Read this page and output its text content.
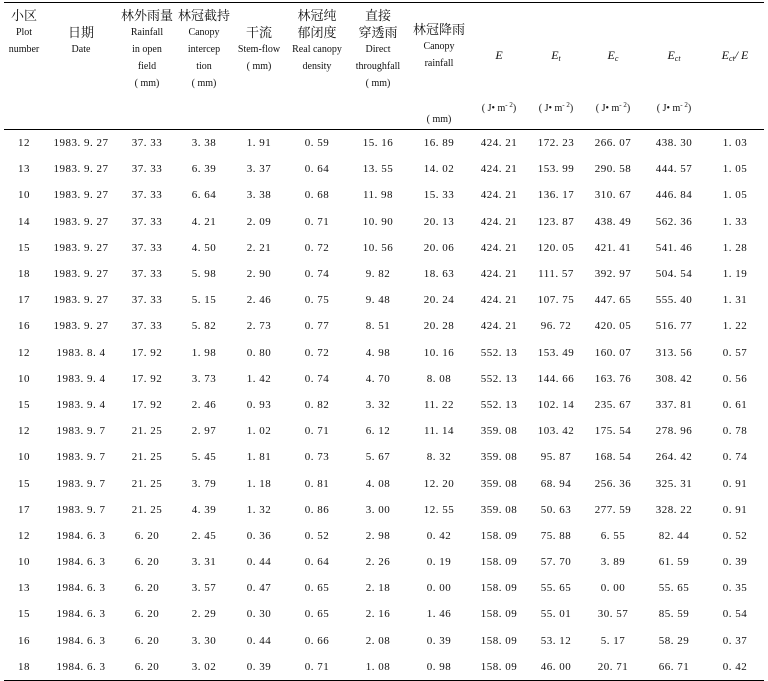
小区
Plot
number	日期
Date	林外雨量
Rainfall
in open
field
( mm)	林冠截持
Canopy
intercep
tion
( mm)	干流
Stem-flow
( mm)	林冠纯
郁闭度
Real canopy
density	直接
穿透雨
Direct
throughfall
( mm)	林冠降雨
Canopy
rainfall
( mm)	E
( J• $m^{- 2}$)	$E_t$
( J• $m^{- 2}$)	$E_c$
( J• $m^{- 2}$)	$E_{ct}$
( J• $m^{- 2}$)	$E_{ct}/$ E

12	1983. 9. 27	37. 33	3. 38	1. 91	0. 59	15. 16	16. 89	424. 21	172. 23	266. 07	438. 30	1. 03
13	1983. 9. 27	37. 33	6. 39	3. 37	0. 64	13. 55	14. 02	424. 21	153. 99	290. 58	444. 57	1. 05
10	1983. 9. 27	37. 33	6. 64	3. 38	0. 68	11. 98	15. 33	424. 21	136. 17	310. 67	446. 84	1. 05
14	1983. 9. 27	37. 33	4. 21	2. 09	0. 71	10. 90	20. 13	424. 21	123. 87	438. 49	562. 36	1. 33
15	1983. 9. 27	37. 33	4. 50	2. 21	0. 72	10. 56	20. 06	424. 21	120. 05	421. 41	541. 46	1. 28
18	1983. 9. 27	37. 33	5. 98	2. 90	0. 74	9. 82	18. 63	424. 21	111. 57	392. 97	504. 54	1. 19
17	1983. 9. 27	37. 33	5. 15	2. 46	0. 75	9. 48	20. 24	424. 21	107. 75	447. 65	555. 40	1. 31
16	1983. 9. 27	37. 33	5. 82	2. 73	0. 77	8. 51	20. 28	424. 21	96. 72	420. 05	516. 77	1. 22
12	1983. 8. 4	17. 92	1. 98	0. 80	0. 72	4. 98	10. 16	552. 13	153. 49	160. 07	313. 56	0. 57
10	1983. 9. 4	17. 92	3. 73	1. 42	0. 74	4. 70	8. 08	552. 13	144. 66	163. 76	308. 42	0. 56
15	1983. 9. 4	17. 92	2. 46	0. 93	0. 82	3. 32	11. 22	552. 13	102. 14	235. 67	337. 81	0. 61
12	1983. 9. 7	21. 25	2. 97	1. 02	0. 71	6. 12	11. 14	359. 08	103. 42	175. 54	278. 96	0. 78
10	1983. 9. 7	21. 25	5. 45	1. 81	0. 73	5. 67	8. 32	359. 08	95. 87	168. 54	264. 42	0. 74
15	1983. 9. 7	21. 25	3. 79	1. 18	0. 81	4. 08	12. 20	359. 08	68. 94	256. 36	325. 31	0. 91
17	1983. 9. 7	21. 25	4. 39	1. 32	0. 86	3. 00	12. 55	359. 08	50. 63	277. 59	328. 22	0. 91
12	1984. 6. 3	6. 20	2. 45	0. 36	0. 52	2. 98	0. 42	158. 09	75. 88	6. 55	82. 44	0. 52
10	1984. 6. 3	6. 20	3. 31	0. 44	0. 64	2. 26	0. 19	158. 09	57. 70	3. 89	61. 59	0. 39
13	1984. 6. 3	6. 20	3. 57	0. 47	0. 65	2. 18	0. 00	158. 09	55. 65	0. 00	55. 65	0. 35
15	1984. 6. 3	6. 20	2. 29	0. 30	0. 65	2. 16	1. 46	158. 09	55. 01	30. 57	85. 59	0. 54
16	1984. 6. 3	6. 20	3. 30	0. 44	0. 66	2. 08	0. 39	158. 09	53. 12	5. 17	58. 29	0. 37
18	1984. 6. 3	6. 20	3. 02	0. 39	0. 71	1. 08	0. 98	158. 09	46. 00	20. 71	66. 71	0. 42
